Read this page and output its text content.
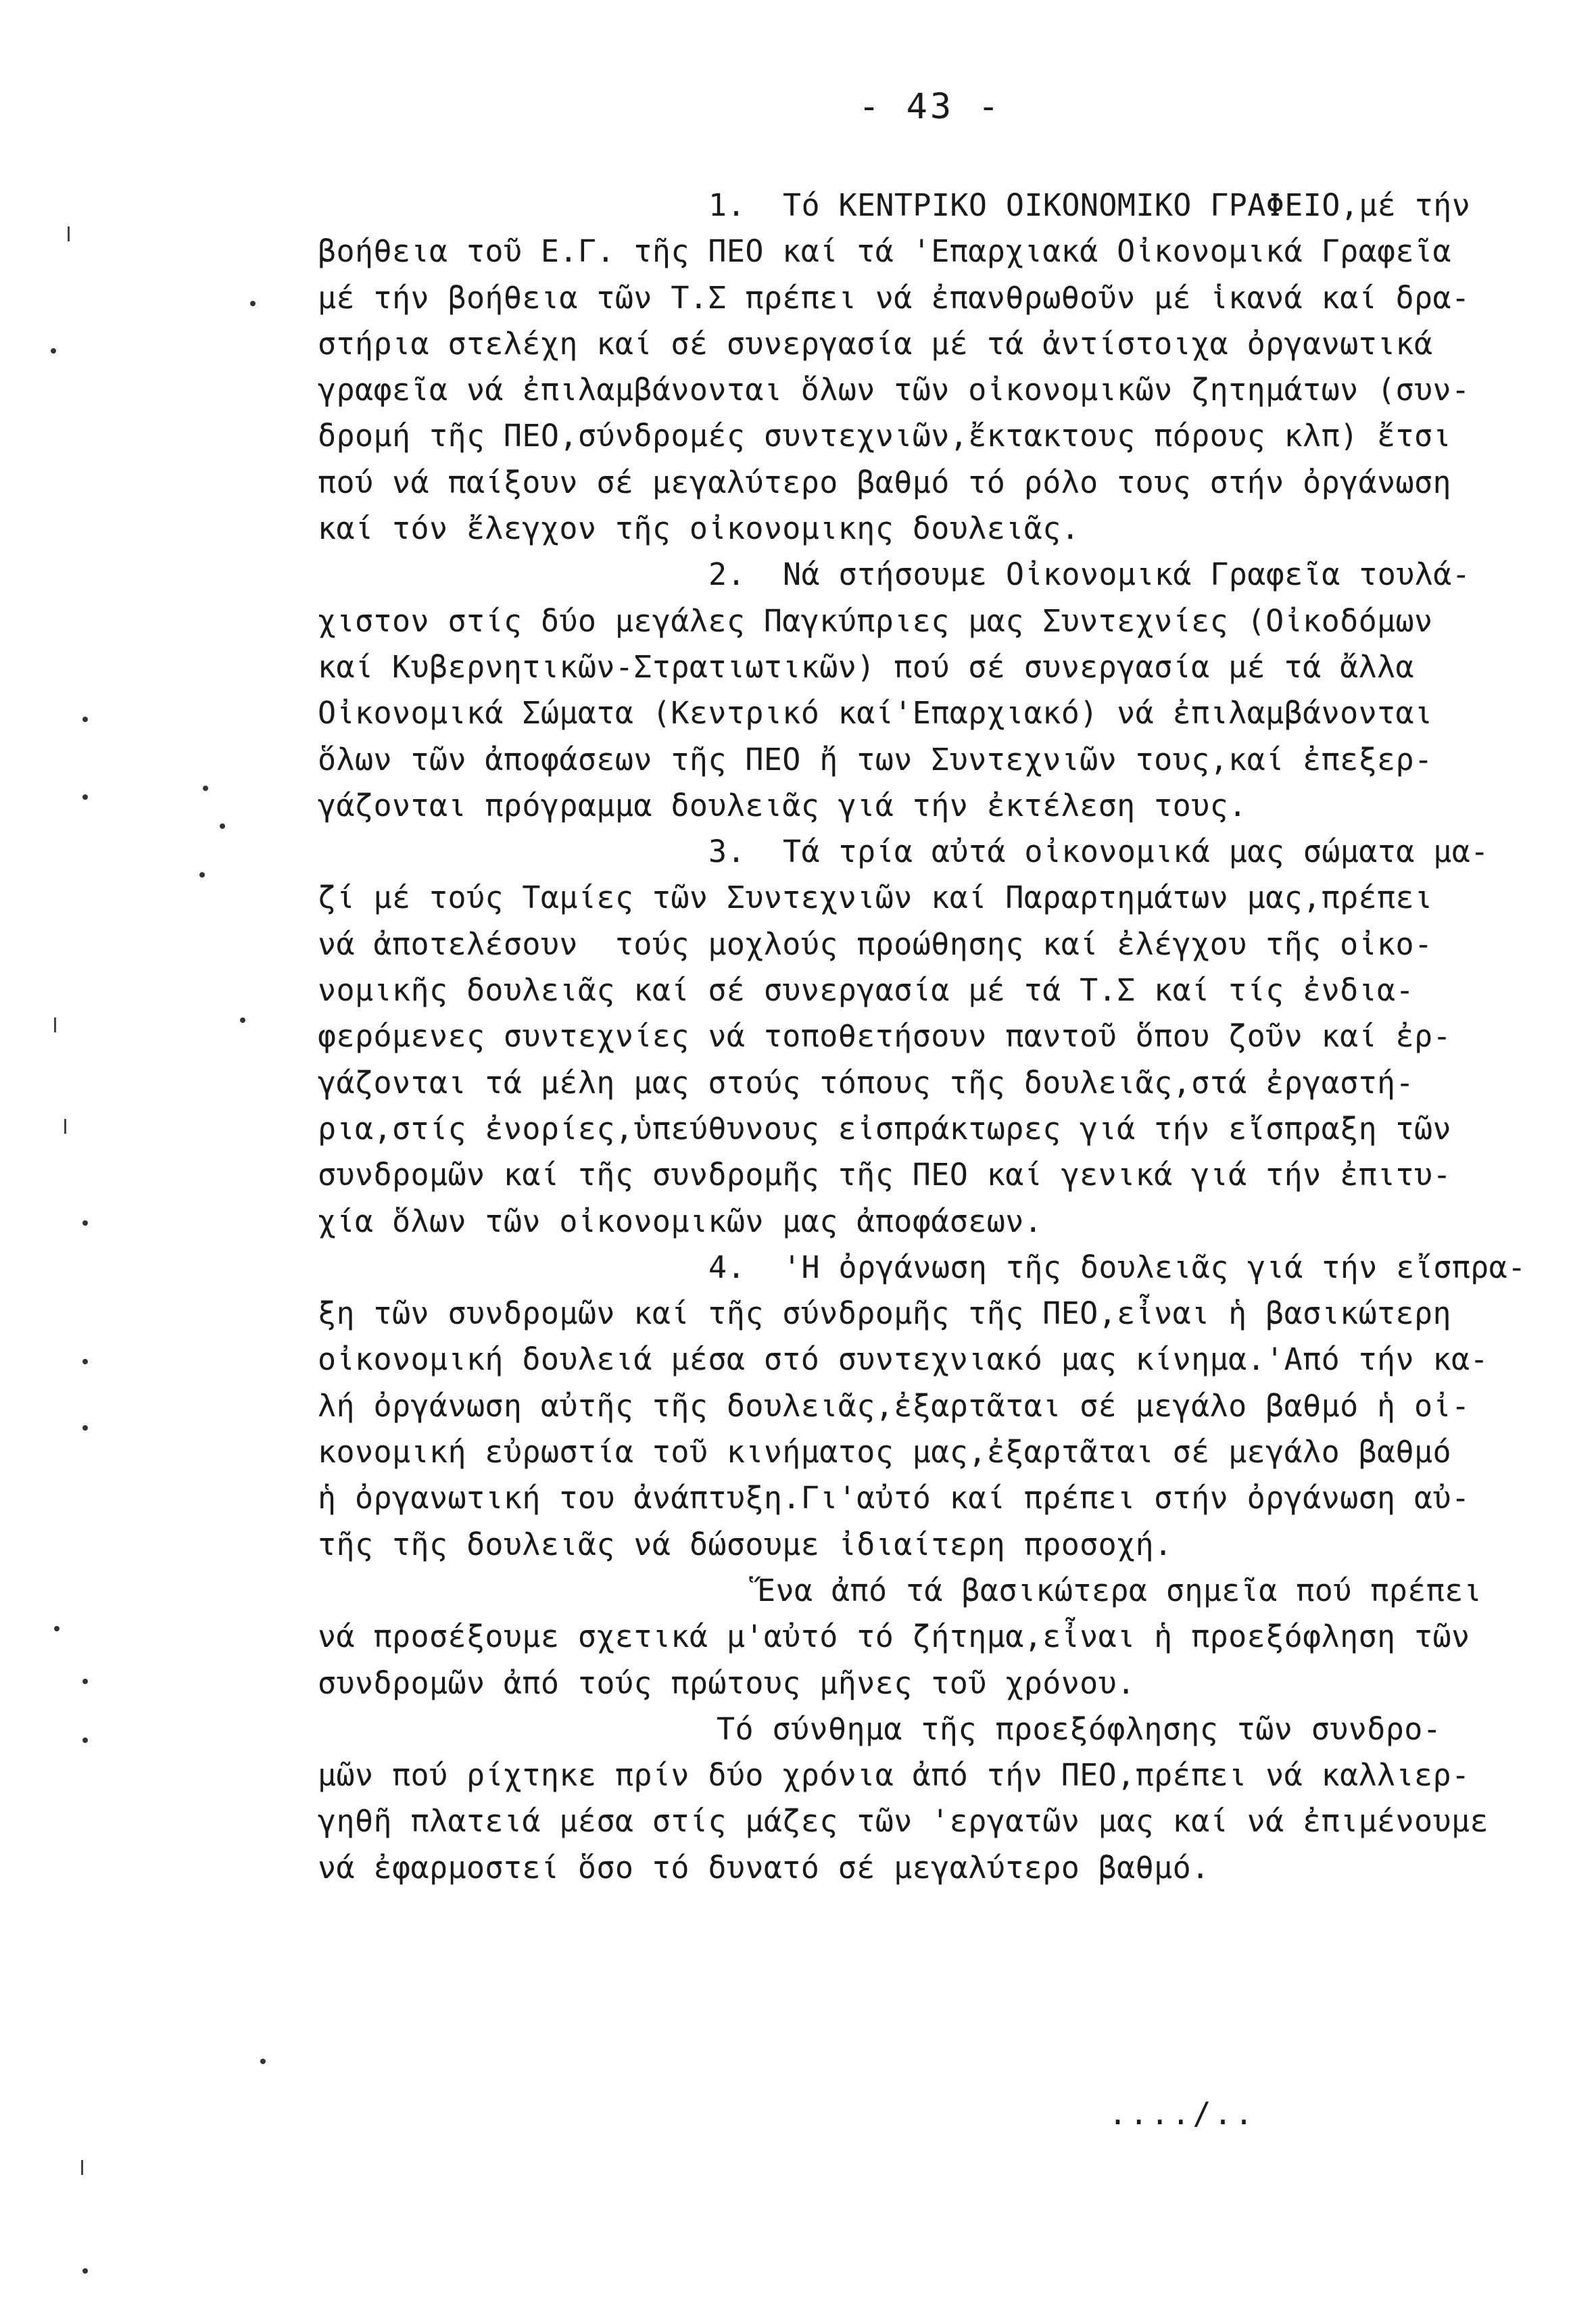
- 43 -
1.  Τό ΚΕΝΤΡΙΚΟ ΟΙΚΟΝΟΜΙΚΟ ΓΡΑΦΕΙΟ,μέ τήν
βοήθεια τοῦ Ε.Γ. τῆς ΠΕΟ καί τά 'Επαρχιακά Οἰκονομικά Γραφεῖα
μέ τήν βοήθεια τῶν Τ.Σ πρέπει νά ἐπανθρωθοῦν μέ ἱκανά καί δρα-
στήρια στελέχη καί σέ συνεργασία μέ τά ἀντίστοιχα ὀργανωτικά
γραφεῖα νά ἐπιλαμβάνονται ὅλων τῶν οἰκονομικῶν ζητημάτων (συν-
δρομή τῆς ΠΕΟ,σύνδρομές συντεχνιῶν,ἔκτακτους πόρους κλπ) ἔτσι
πού νά παίξουν σέ μεγαλύτερο βαθμό τό ρόλο τους στήν ὀργάνωση
καί τόν ἔλεγχον τῆς οἰκονομικης δουλειᾶς.
2.  Νά στήσουμε Οἰκονομικά Γραφεῖα τουλά-
χιστον στίς δύο μεγάλες Παγκύπριες μας Συντεχνίες (Οἰκοδόμων
καί Κυβερνητικῶν-Στρατιωτικῶν) πού σέ συνεργασία μέ τά ἄλλα
Οἰκονομικά Σώματα (Κεντρικό καί'Επαρχιακό) νά ἐπιλαμβάνονται
ὅλων τῶν ἀποφάσεων τῆς ΠΕΟ ἤ των Συντεχνιῶν τους,καί ἐπεξερ-
γάζονται πρόγραμμα δουλειᾶς γιά τήν ἐκτέλεση τους.
3.  Τά τρία αὐτά οἰκονομικά μας σώματα μα-
ζί μέ τούς Ταμίες τῶν Συντεχνιῶν καί Παραρτημάτων μας,πρέπει
νά ἀποτελέσουν  τούς μοχλούς προώθησης καί ἐλέγχου τῆς οἰκο-
νομικῆς δουλειᾶς καί σέ συνεργασία μέ τά Τ.Σ καί τίς ἐνδια-
φερόμενες συντεχνίες νά τοποθετήσουν παντοῦ ὅπου ζοῦν καί ἐρ-
γάζονται τά μέλη μας στούς τόπους τῆς δουλειᾶς,στά ἐργαστή-
ρια,στίς ἐνορίες,ὑπεύθυνους εἰσπράκτωρες γιά τήν εἴσπραξη τῶν
συνδρομῶν καί τῆς συνδρομῆς τῆς ΠΕΟ καί γενικά γιά τήν ἐπιτυ-
χία ὅλων τῶν οἰκονομικῶν μας ἀποφάσεων.
4.  'Η ὀργάνωση τῆς δουλειᾶς γιά τήν εἴσπρα-
ξη τῶν συνδρομῶν καί τῆς σύνδρομῆς τῆς ΠΕΟ,εἶναι ἡ βασικώτερη
οἰκονομική δουλειά μέσα στό συντεχνιακό μας κίνημα.'Από τήν κα-
λή ὀργάνωση αὐτῆς τῆς δουλειᾶς,ἐξαρτᾶται σέ μεγάλο βαθμό ἡ οἰ-
κονομική εὐρωστία τοῦ κινήματος μας,ἐξαρτᾶται σέ μεγάλο βαθμό
ἡ ὀργανωτική του ἀνάπτυξη.Γι'αὐτό καί πρέπει στήν ὀργάνωση αὐ-
τῆς τῆς δουλειᾶς νά δώσουμε ἰδιαίτερη προσοχή.
Ἕνα ἀπό τά βασικώτερα σημεῖα πού πρέπει
νά προσέξουμε σχετικά μ'αὐτό τό ζήτημα,εἶναι ἡ προεξόφληση τῶν
συνδρομῶν ἀπό τούς πρώτους μῆνες τοῦ χρόνου.
Τό σύνθημα τῆς προεξόφλησης τῶν συνδρο-
μῶν πού ρίχτηκε πρίν δύο χρόνια ἀπό τήν ΠΕΟ,πρέπει νά καλλιερ-
γηθῆ πλατειά μέσα στίς μάζες τῶν 'εργατῶν μας καί νά ἐπιμένουμε
νά ἐφαρμοστεί ὅσο τό δυνατό σέ μεγαλύτερο βαθμό.
..../..
